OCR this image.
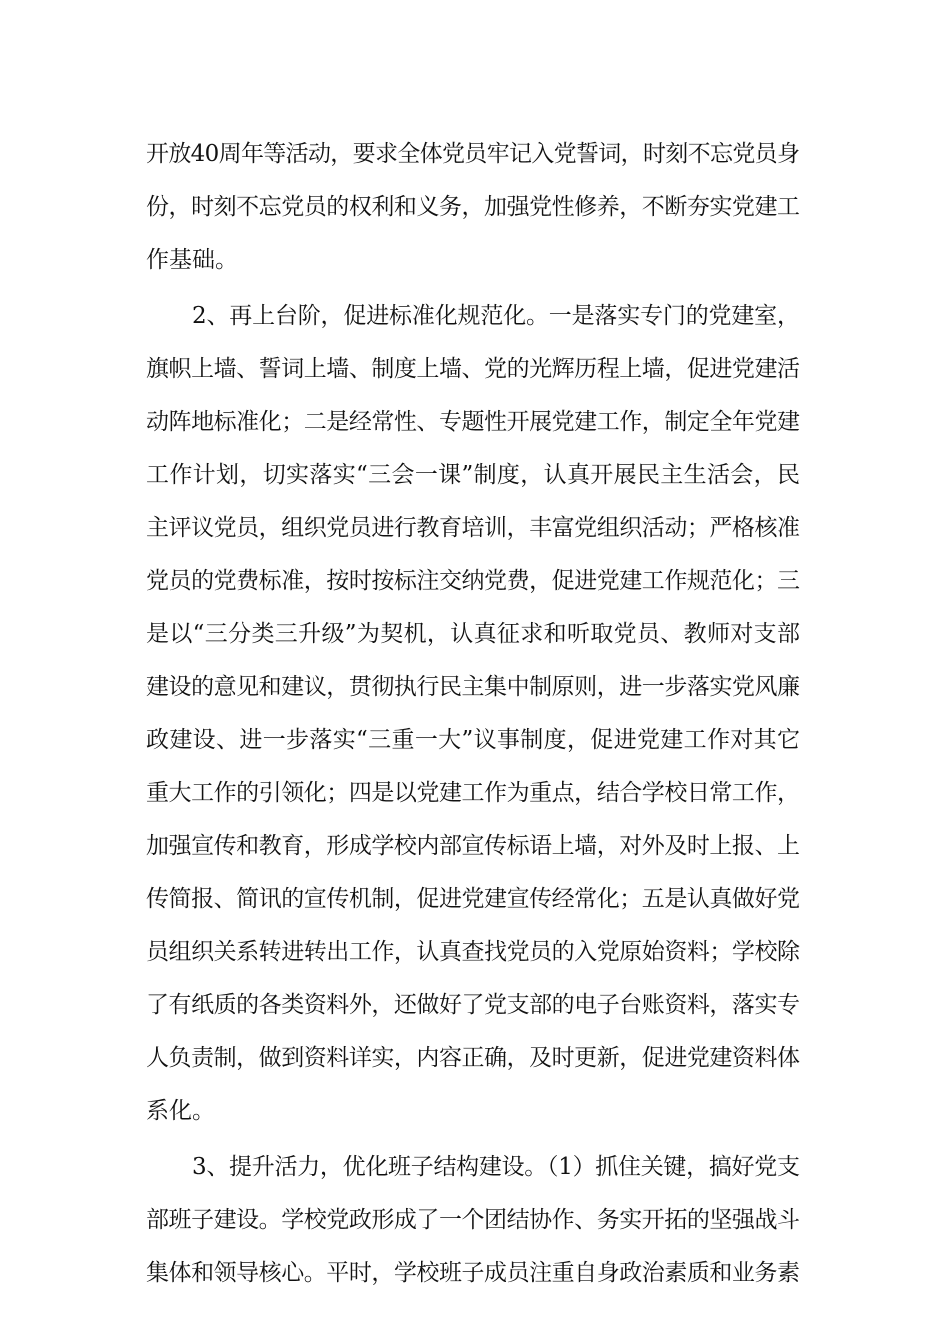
开放40周年等活动，要求全体党员牢记入党誓词，时刻不忘党员身
份，时刻不忘党员的权利和义务，加强党性修养，不断夯实党建工
作基础。
2、再上台阶，促进标准化规范化。一是落实专门的党建室，
旗帜上墙、誓词上墙、制度上墙、党的光辉历程上墙，促进党建活
动阵地标准化；二是经常性、专题性开展党建工作，制定全年党建
工作计划，切实落实“三会一课”制度，认真开展民主生活会，民
主评议党员，组织党员进行教育培训，丰富党组织活动；严格核准
党员的党费标准，按时按标注交纳党费，促进党建工作规范化；三
是以“三分类三升级”为契机，认真征求和听取党员、教师对支部
建设的意见和建议，贯彻执行民主集中制原则，进一步落实党风廉
政建设、进一步落实“三重一大”议事制度，促进党建工作对其它
重大工作的引领化；四是以党建工作为重点，结合学校日常工作，
加强宣传和教育，形成学校内部宣传标语上墙，对外及时上报、上
传简报、简讯的宣传机制，促进党建宣传经常化；五是认真做好党
员组织关系转进转出工作，认真查找党员的入党原始资料；学校除
了有纸质的各类资料外，还做好了党支部的电子台账资料，落实专
人负责制，做到资料详实，内容正确，及时更新，促进党建资料体
系化。
3、提升活力，优化班子结构建设。（1）抓住关键，搞好党支
部班子建设。学校党政形成了一个团结协作、务实开拓的坚强战斗
集体和领导核心。平时，学校班子成员注重自身政治素质和业务素
